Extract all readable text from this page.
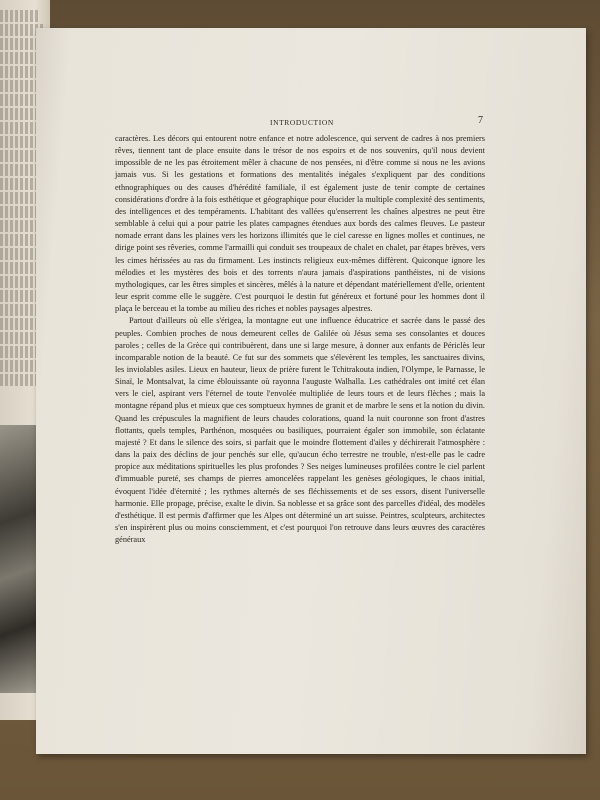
INTRODUCTION	7

caractères. Les décors qui entourent notre enfance et notre adolescence, qui servent de cadres à nos premiers rêves, tiennent tant de place ensuite dans le trésor de nos espoirs et de nos souvenirs, qu'il nous devient impossible de ne les pas étroitement mêler à chacune de nos pensées, ni d'être comme si nous ne les avions jamais vus. Si les gestations et formations des mentalités inégales s'expliquent par des conditions ethnographiques ou des causes d'hérédité familiale, il est également juste de tenir compte de certaines considérations d'ordre à la fois esthétique et géographique pour élucider la multiple complexité des sentiments, des intelligences et des tempéraments. L'habitant des vallées qu'enserrent les chaînes alpestres ne peut être semblable à celui qui a pour patrie les plates campagnes étendues aux bords des calmes fleuves. Le pasteur nomade errant dans les plaines vers les horizons illimités que le ciel caresse en lignes molles et continues, ne dirige point ses rêveries, comme l'armailli qui conduit ses troupeaux de chalet en chalet, par étapes brèves, vers les cimes hérissées au ras du firmament. Les instincts religieux eux-mêmes diffèrent. Quiconque ignore les mélodies et les mystères des bois et des torrents n'aura jamais d'aspirations panthéistes, ni de visions mythologiques, car les êtres simples et sincères, mêlés à la nature et dépendant matériellement d'elle, orientent leur esprit comme elle le suggère. C'est pourquoi le destin fut généreux et fortuné pour les hommes dont il plaça le berceau et la tombe au milieu des riches et nobles paysages alpestres.

Partout d'ailleurs où elle s'érigea, la montagne eut une influence éducatrice et sacrée dans le passé des peuples. Combien proches de nous demeurent celles de Galilée où Jésus sema ses consolantes et douces paroles ; celles de la Grèce qui contribuèrent, dans une si large mesure, à donner aux enfants de Périclès leur incomparable notion de la beauté. Ce fut sur des sommets que s'élevèrent les temples, les sanctuaires divins, les inviolables asiles. Lieux en hauteur, lieux de prière furent le Tchitrakouta indien, l'Olympe, le Parnasse, le Sinaï, le Montsalvat, la cime éblouissante où rayonna l'auguste Walhalla. Les cathédrales ont imité cet élan vers le ciel, aspirant vers l'éternel de toute l'envolée multipliée de leurs tours et de leurs flèches ; mais la montagne répand plus et mieux que ces somptueux hymnes de granit et de marbre le sens et la notion du divin. Quand les crépuscules la magnifient de leurs chaudes colorations, quand la nuit couronne son front d'astres flottants, quels temples, Parthénon, mosquées ou basiliques, pourraient égaler son immobile, son éclatante majesté ? Et dans le silence des soirs, si parfait que le moindre flottement d'ailes y déchirerait l'atmosphère : dans la paix des déclins de jour penchés sur elle, qu'aucun écho terrestre ne trouble, n'est-elle pas le cadre propice aux méditations spirituelles les plus profondes ? Ses neiges lumineuses profilées contre le ciel parlent d'immuable pureté, ses champs de pierres amoncelées rappelant les genèses géologiques, le chaos initial, évoquent l'idée d'éternité ; les rythmes alternés de ses fléchissements et de ses essors, disent l'universelle harmonie. Elle propage, précise, exalte le divin. Sa noblesse et sa grâce sont des parcelles d'idéal, des modèles d'esthétique. Il est permis d'affirmer que les Alpes ont déterminé un art suisse. Peintres, sculpteurs, architectes s'en inspirèrent plus ou moins consciemment, et c'est pourquoi l'on retrouve dans leurs œuvres des caractères généraux
